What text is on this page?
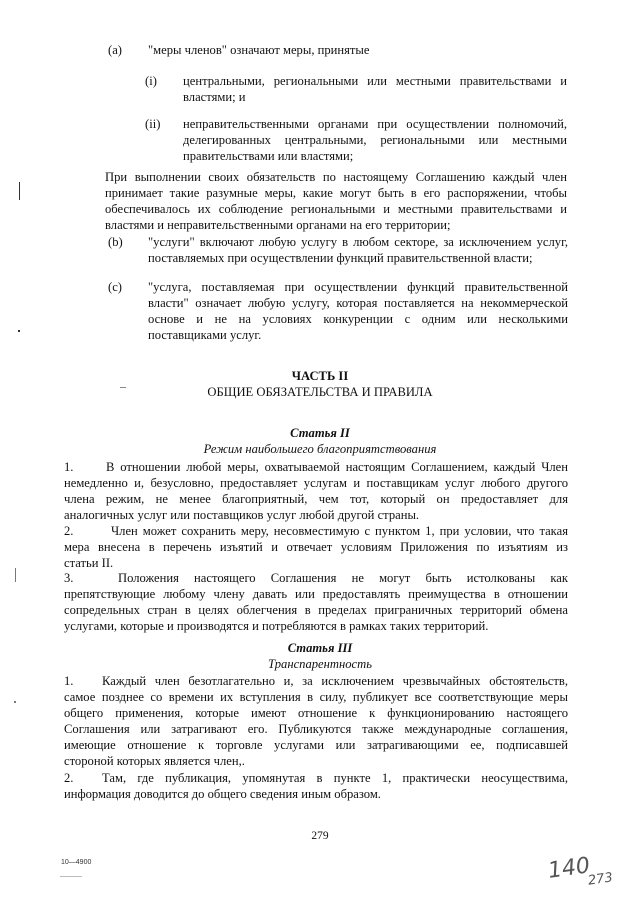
(a) "меры членов" означают меры, принятые
(i) центральными, региональными или местными правительствами и
властями; и
(ii) неправительственными органами при осуществлении полномочий,
делегированных центральными, региональными или местными
правительствами или властями;
При выполнении своих обязательств по настоящему Соглашению каждый член
принимает такие разумные меры, какие могут быть в его распоряжении, чтобы
обеспечивалось их соблюдение региональными и местными правительствами и
властями и неправительственными органами на его территории;
(b) "услуги" включают любую услугу в любом секторе, за исключением услуг,
поставляемых при осуществлении функций правительственной власти;
(c) "услуга, поставляемая при осуществлении функций правительственной
власти" означает любую услугу, которая поставляется на некоммерческой
основе и не на условиях конкуренции с одним или несколькими
поставщиками услуг.
ЧАСТЬ II
ОБЩИЕ ОБЯЗАТЕЛЬСТВА И ПРАВИЛА
Статья II
Режим наибольшего благоприятствования
1.	В отношении любой меры, охватываемой настоящим Соглашением, каждый Член
немедленно и, безусловно, предоставляет услугам и поставщикам услуг любого другого
члена режим, не менее благоприятный, чем тот, который он предоставляет для
аналогичных услуг или поставщиков услуг любой другой страны.
2.	Член может сохранить меру, несовместимую с пунктом 1, при условии, что такая
мера внесена в перечень изъятий и отвечает условиям Приложения по изъятиям из
статьи II.
3.	Положения настоящего Соглашения не могут быть истолкованы как
препятствующие любому члену давать или предоставлять преимущества в отношении
сопредельных стран в целях облегчения в пределах приграничных территорий обмена
услугами, которые и производятся и потребляются в рамках таких территорий.
Статья III
Транспарентность
1.	Каждый член безотлагательно и, за исключением чрезвычайных обстоятельств,
самое позднее со времени их вступления в силу, публикует все соответствующие меры
общего применения, которые имеют отношение к функционированию настоящего
Соглашения или затрагивают его. Публикуются также международные соглашения,
имеющие отношение к торговле услугами или затрагивающими ее, подписавшей
стороной которых является член,.
2.	Там, где публикация, упомянутая в пункте 1, практически неосуществима,
информация доводится до общего сведения иным образом.
279
10—4900	140
273
